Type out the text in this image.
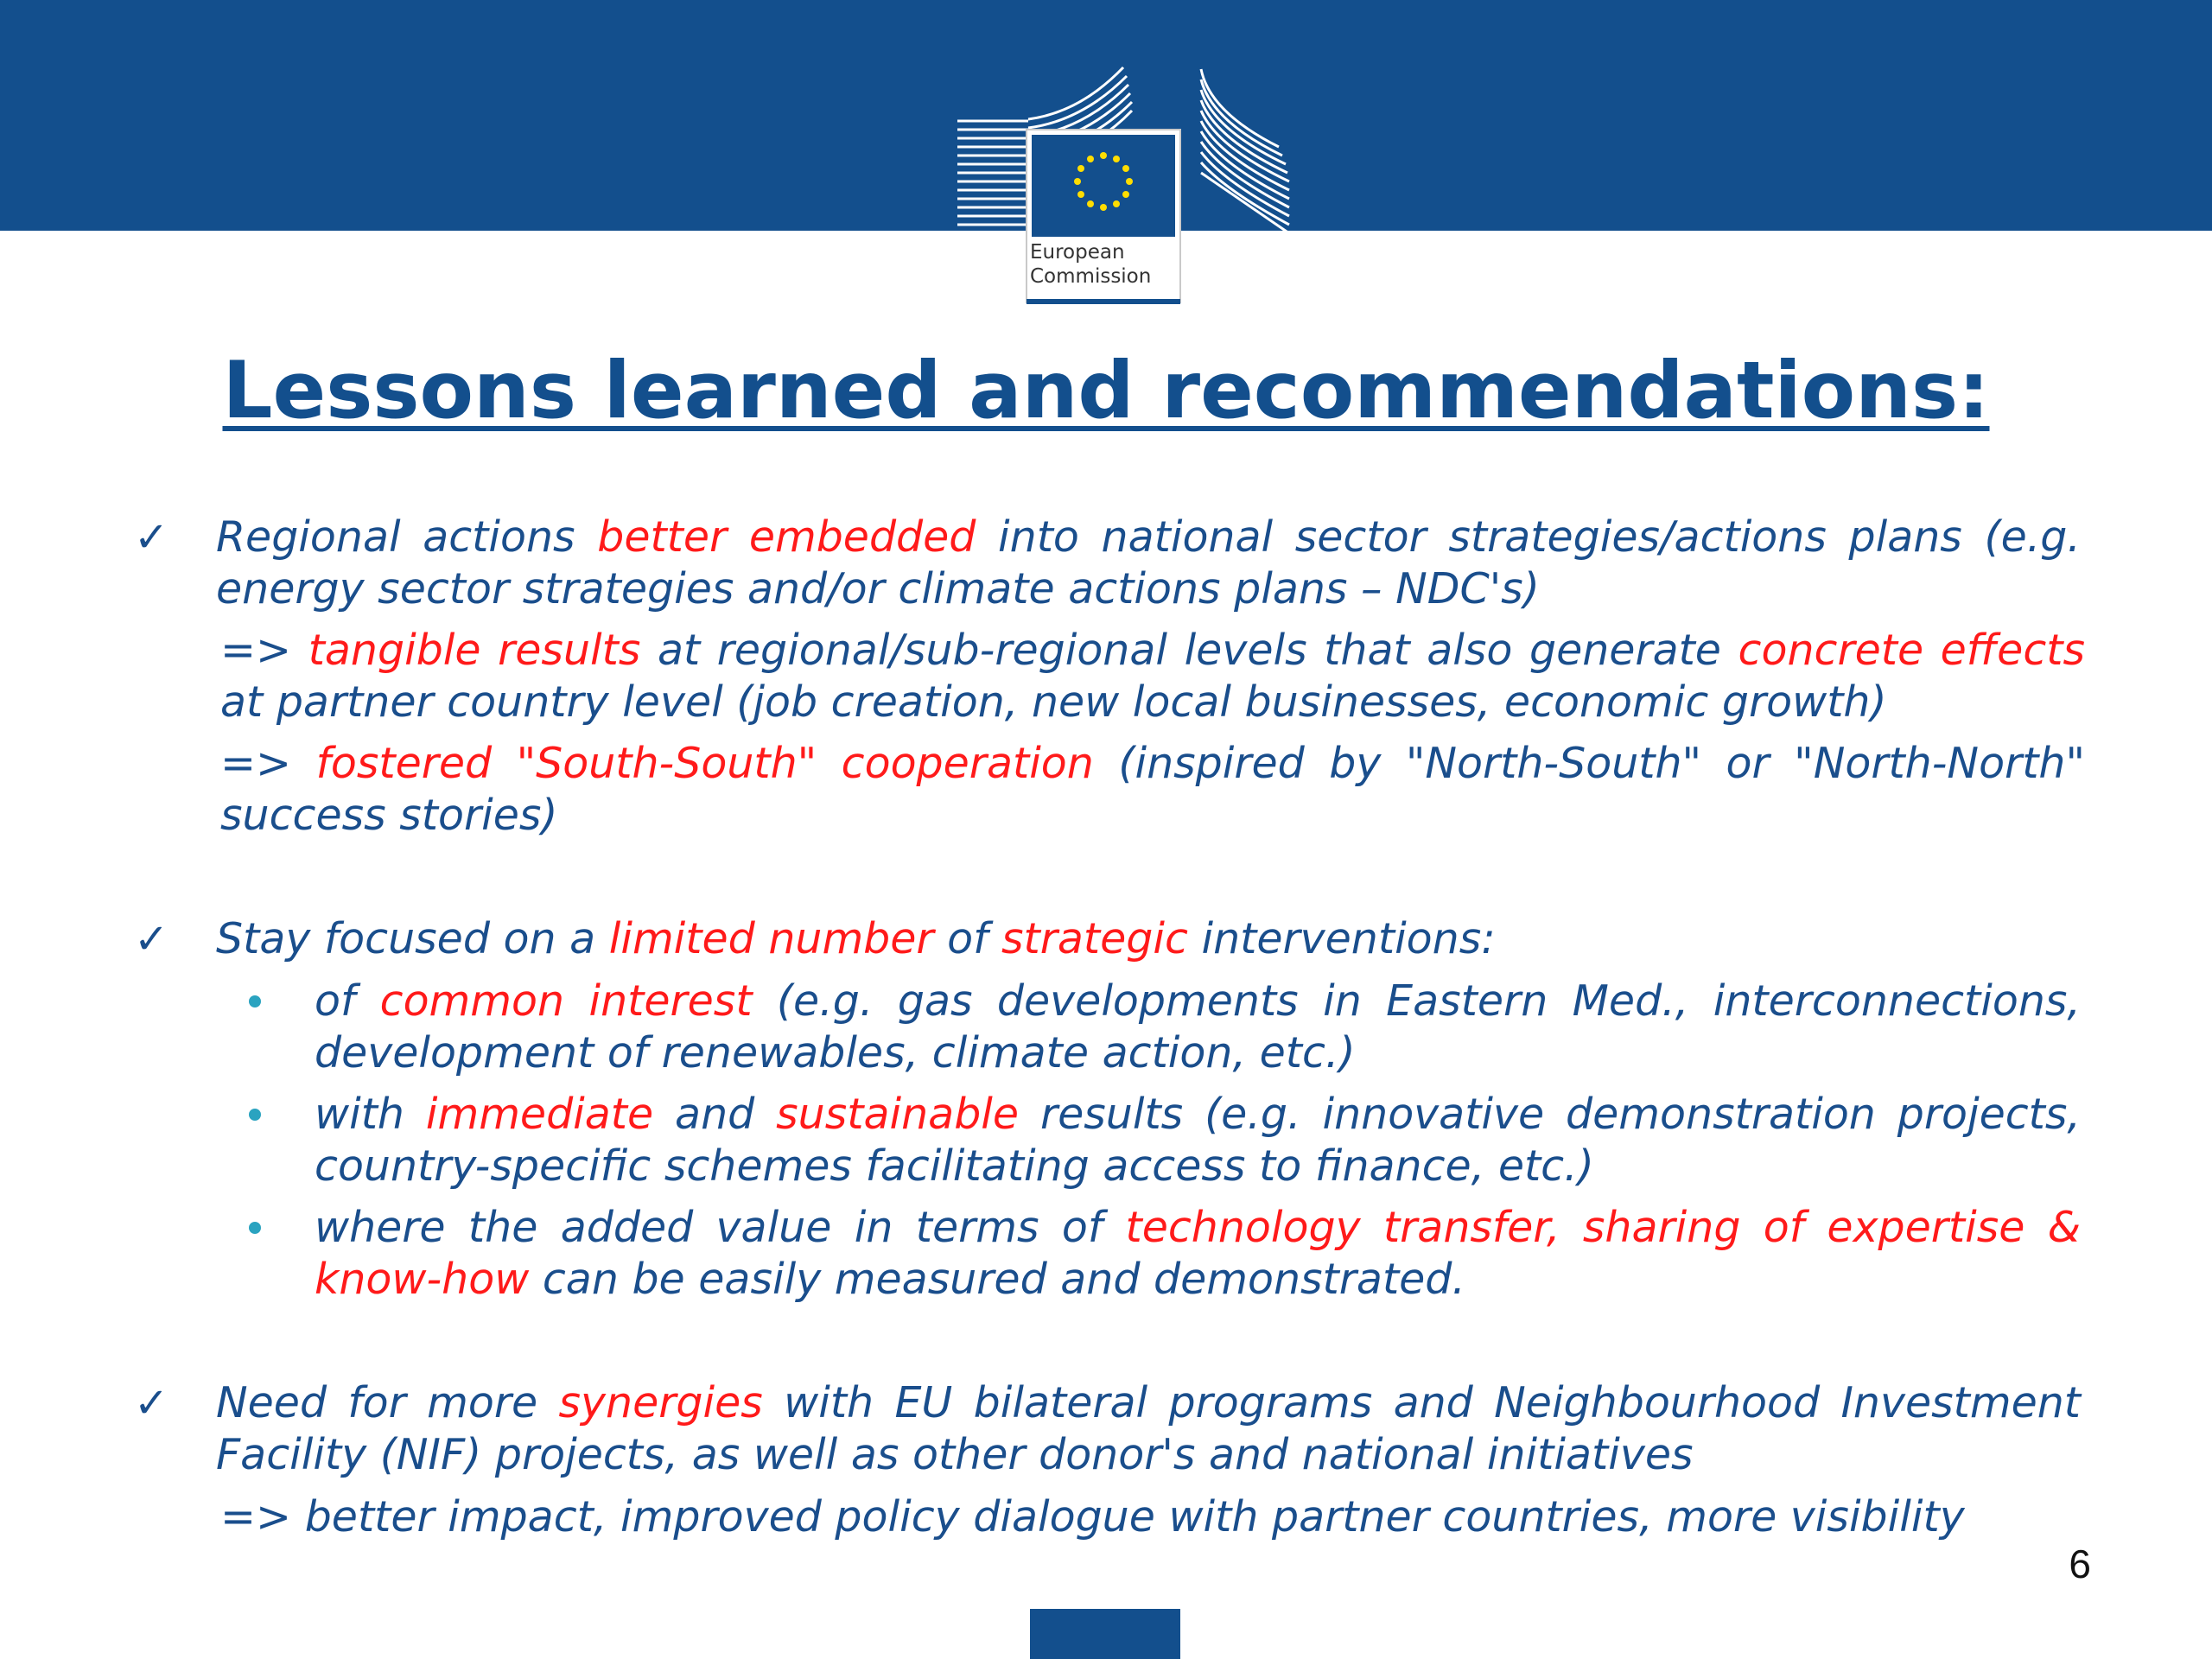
European
Commission
Lessons learned and recommendations:
✓ Regional actions better embedded into national sector strategies/actions plans (e.g. energy sector strategies and/or climate actions plans – NDC's)
=> tangible results at regional/sub-regional levels that also generate concrete effects at partner country level (job creation, new local businesses, economic growth)
=> fostered "South-South" cooperation (inspired by "North-South" or "North-North" success stories)
✓ Stay focused on a limited number of strategic interventions:
of common interest (e.g. gas developments in Eastern Med., interconnections, development of renewables, climate action, etc.)
with immediate and sustainable results (e.g. innovative demonstration projects, country-specific schemes facilitating access to finance, etc.)
where the added value in terms of technology transfer, sharing of expertise & know-how can be easily measured and demonstrated.
✓ Need for more synergies with EU bilateral programs and Neighbourhood Investment Facility (NIF) projects, as well as other donor's and national initiatives
=> better impact, improved policy dialogue with partner countries, more visibility
6
